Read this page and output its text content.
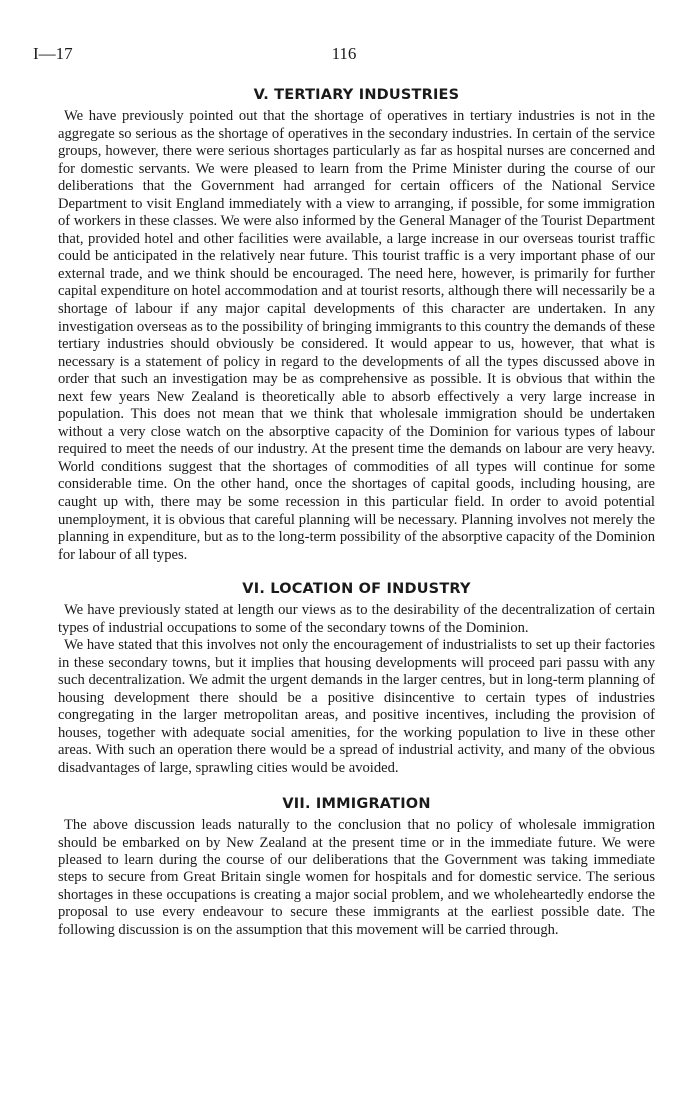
I—17	116
V. TERTIARY INDUSTRIES

We have previously pointed out that the shortage of operatives in tertiary industries is not in the aggregate so serious as the shortage of operatives in the secondary industries. In certain of the service groups, however, there were serious shortages particularly as far as hospital nurses are concerned and for domestic servants. We were pleased to learn from the Prime Minister during the course of our deliberations that the Government had arranged for certain officers of the National Service Department to visit England immediately with a view to arranging, if possible, for some immigration of workers in these classes. We were also informed by the General Manager of the Tourist Department that, provided hotel and other facilities were available, a large increase in our overseas tourist traffic could be anticipated in the relatively near future. This tourist traffic is a very important phase of our external trade, and we think should be encouraged. The need here, however, is primarily for further capital expenditure on hotel accommodation and at tourist resorts, although there will necessarily be a shortage of labour if any major capital developments of this character are undertaken. In any investigation overseas as to the possibility of bringing immigrants to this country the demands of these tertiary industries should obviously be considered. It would appear to us, however, that what is necessary is a statement of policy in regard to the developments of all the types discussed above in order that such an investigation may be as comprehensive as possible. It is obvious that within the next few years New Zealand is theoretically able to absorb effectively a very large increase in population. This does not mean that we think that wholesale immigration should be undertaken without a very close watch on the absorptive capacity of the Dominion for various types of labour required to meet the needs of our industry. At the present time the demands on labour are very heavy. World conditions suggest that the shortages of commodities of all types will continue for some considerable time. On the other hand, once the shortages of capital goods, including housing, are caught up with, there may be some recession in this particular field. In order to avoid potential unemployment, it is obvious that careful planning will be necessary. Planning involves not merely the planning in expenditure, but as to the long-term possibility of the absorptive capacity of the Dominion for labour of all types.

VI. LOCATION OF INDUSTRY

We have previously stated at length our views as to the desirability of the decentralization of certain types of industrial occupations to some of the secondary towns of the Dominion.

We have stated that this involves not only the encouragement of industrialists to set up their factories in these secondary towns, but it implies that housing developments will proceed pari passu with any such decentralization. We admit the urgent demands in the larger centres, but in long-term planning of housing development there should be a positive disincentive to certain types of industries congregating in the larger metropolitan areas, and positive incentives, including the provision of houses, together with adequate social amenities, for the working population to live in these other areas. With such an operation there would be a spread of industrial activity, and many of the obvious disadvantages of large, sprawling cities would be avoided.

VII. IMMIGRATION

The above discussion leads naturally to the conclusion that no policy of wholesale immigration should be embarked on by New Zealand at the present time or in the immediate future. We were pleased to learn during the course of our deliberations that the Government was taking immediate steps to secure from Great Britain single women for hospitals and for domestic service. The serious shortages in these occupations is creating a major social problem, and we wholeheartedly endorse the proposal to use every endeavour to secure these immigrants at the earliest possible date. The following discussion is on the assumption that this movement will be carried through.
